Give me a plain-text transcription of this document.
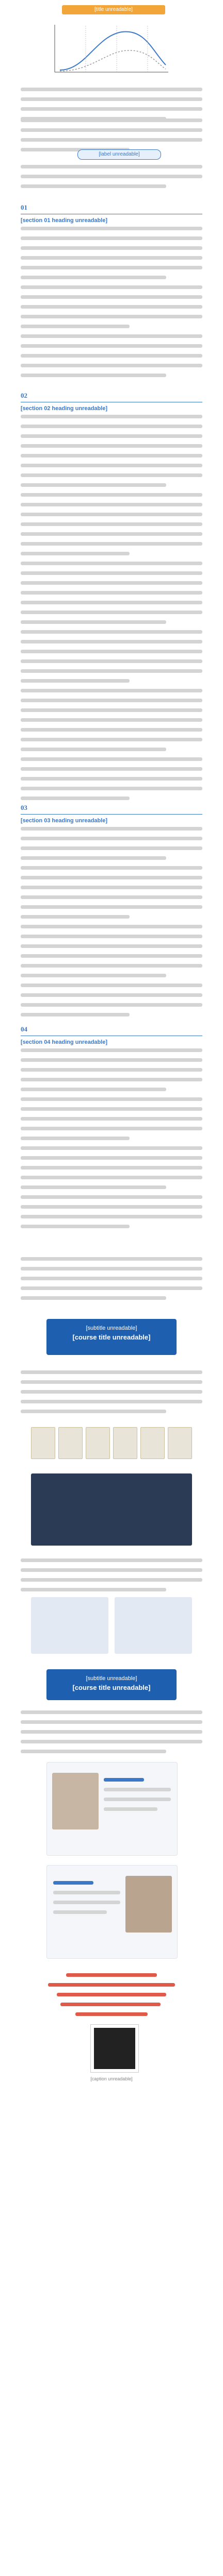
[title unreadable]
[label unreadable]
01
[section 01 heading unreadable]
02
[section 02 heading unreadable]
03
[section 03 heading unreadable]
04
[section 04 heading unreadable]
[subtitle unreadable]
[course title unreadable]
[subtitle unreadable]
[course title unreadable]
[caption unreadable]
